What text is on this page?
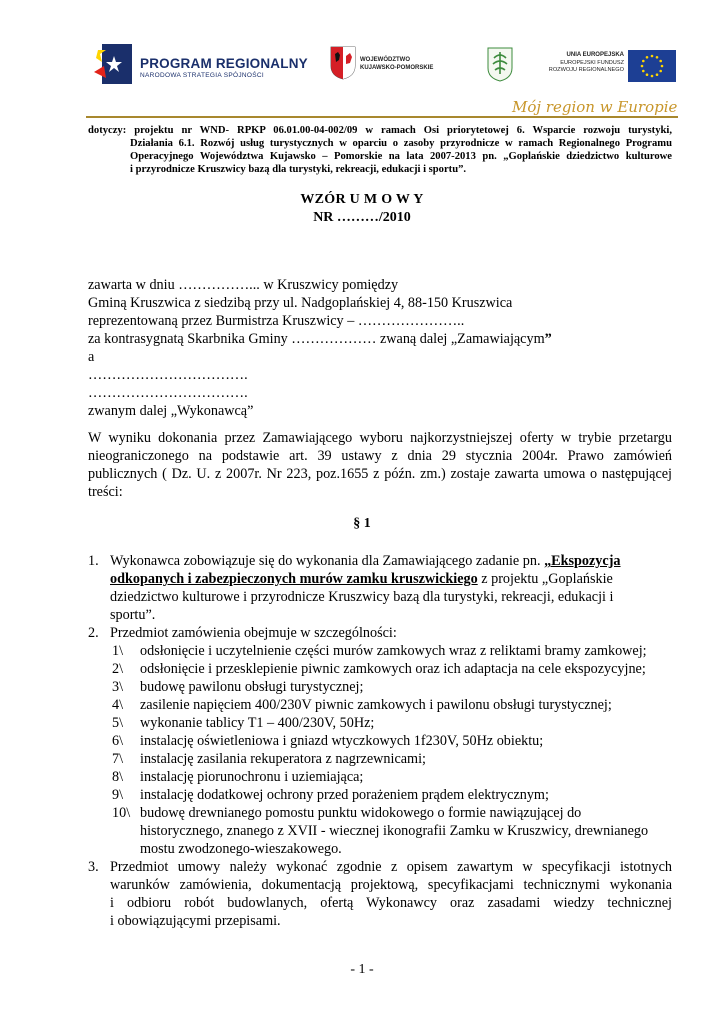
PROGRAM REGIONALNY
NARODOWA STRATEGIA SPÓJNOŚCI
WOJEWÓDZTWO
KUJAWSKO-POMORSKIE
UNIA EUROPEJSKA
EUROPEJSKI FUNDUSZ
ROZWOJU REGIONALNEGO
Mój region w Europie
dotyczy: projektu nr WND- RPKP 06.01.00-04-002/09 w ramach Osi priorytetowej 6. Wsparcie rozwoju turystyki,
Działania 6.1. Rozwój usług turystycznych w oparciu o zasoby przyrodnicze w ramach Regionalnego Programu
Operacyjnego Województwa Kujawsko – Pomorskie na lata 2007-2013 pn. „Goplańskie dziedzictwo kulturowe
i przyrodnicze Kruszwicy bazą dla turystyki, rekreacji, edukacji i sportu”.
WZÓR U M O W Y
NR ………/2010
zawarta w dniu ……………... w Kruszwicy pomiędzy
Gminą Kruszwica z siedzibą przy ul. Nadgoplańskiej 4, 88-150 Kruszwica
reprezentowaną przez Burmistrza Kruszwicy – …………………..
za kontrasygnatą Skarbnika Gminy ……………… zwaną dalej „Zamawiającym”
a
…………………………….
…………………………….
zwanym dalej „Wykonawcą”
W wyniku dokonania przez Zamawiającego wyboru najkorzystniejszej oferty w trybie przetargu
nieograniczonego na podstawie art. 39 ustawy z dnia 29 stycznia 2004r. Prawo zamówień
publicznych ( Dz. U. z 2007r. Nr 223, poz.1655 z późn. zm.) zostaje zawarta umowa o następującej
treści:
§ 1
1. Wykonawca zobowiązuje się do wykonania dla Zamawiającego zadanie pn. „Ekspozycja
odkopanych i zabezpieczonych murów zamku kruszwickiego z projektu „Goplańskie
dziedzictwo kulturowe i przyrodnicze Kruszwicy bazą dla turystyki, rekreacji, edukacji i
sportu”.
2. Przedmiot zamówienia obejmuje w szczególności:
1\ odsłonięcie i uczytelnienie części murów zamkowych wraz z reliktami bramy zamkowej;
2\ odsłonięcie i przesklepienie piwnic zamkowych oraz ich adaptacja na cele ekspozycyjne;
3\ budowę pawilonu obsługi turystycznej;
4\ zasilenie napięciem 400/230V piwnic zamkowych i pawilonu obsługi turystycznej;
5\ wykonanie tablicy T1 – 400/230V, 50Hz;
6\ instalację oświetleniowa i gniazd wtyczkowych 1f230V, 50Hz obiektu;
7\ instalację zasilania rekuperatora z nagrzewnicami;
8\ instalację piorunochronu i uziemiająca;
9\ instalację dodatkowej ochrony przed porażeniem prądem elektrycznym;
10\ budowę drewnianego pomostu punktu widokowego o formie nawiązującej do
historycznego, znanego z XVII - wiecznej ikonografii Zamku w Kruszwicy, drewnianego
mostu zwodzonego-wieszakowego.
3. Przedmiot umowy należy wykonać zgodnie z opisem zawartym w specyfikacji istotnych
warunków zamówienia, dokumentacją projektową, specyfikacjami technicznymi wykonania
i odbioru robót budowlanych, ofertą Wykonawcy oraz zasadami wiedzy technicznej
i obowiązującymi przepisami.
- 1 -
